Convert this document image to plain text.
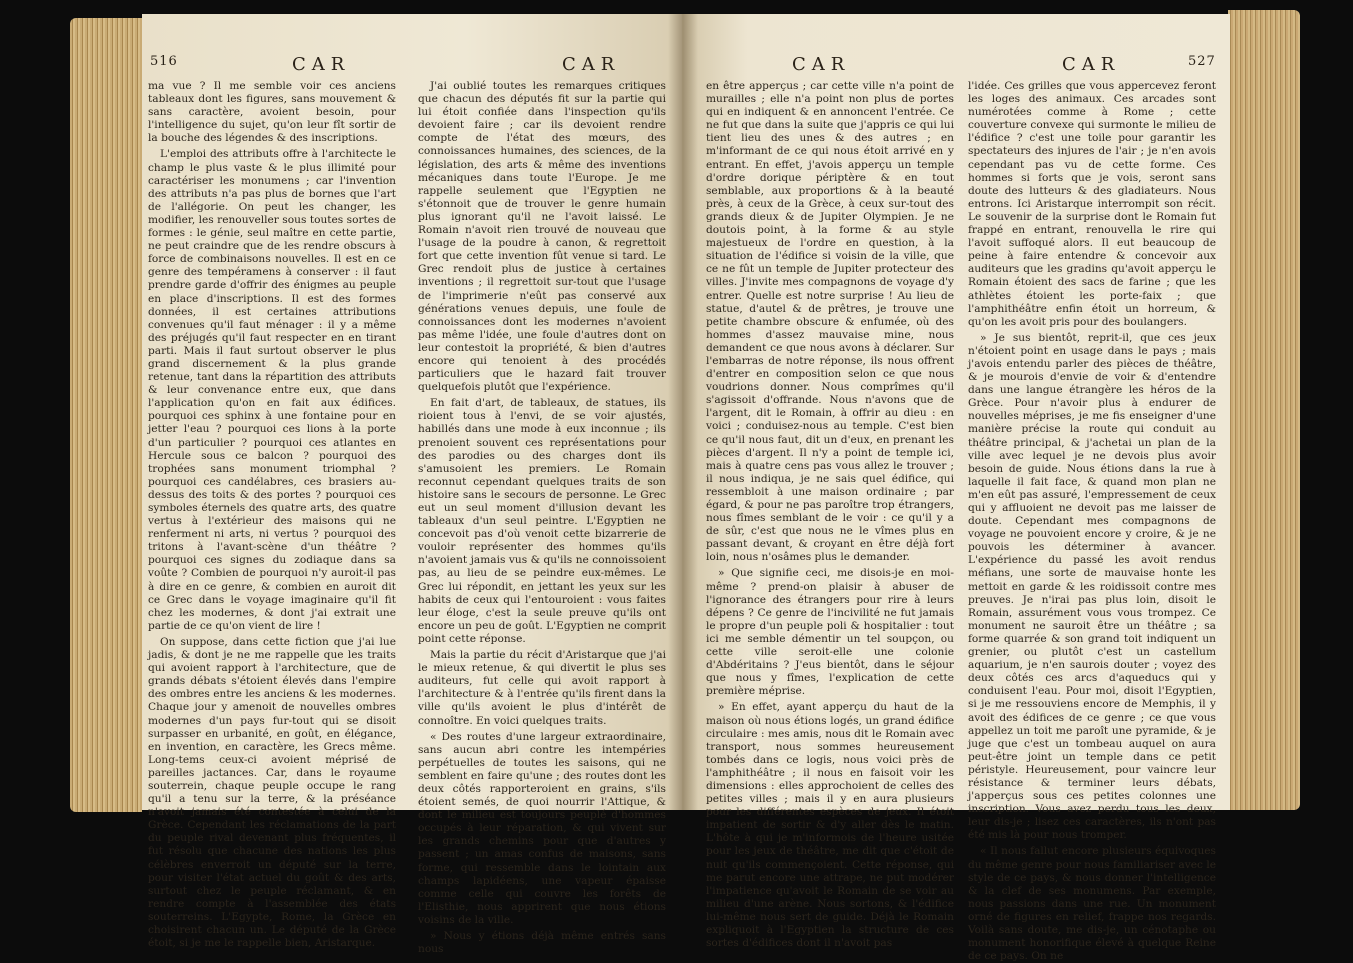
516	CAR	CAR

ma vue ? Il me semble voir ces anciens tableaux dont les figures, sans mouvement & sans caractère, avoient besoin, pour l'intelligence du sujet, qu'on leur fît sortir de la bouche des légendes & des inscriptions.

L'emploi des attributs offre à l'architecte le champ le plus vaste & le plus illimité pour caractériser les monumens ; car l'invention des attributs n'a pas plus de bornes que l'art de l'allégorie. On peut les changer, les modifier, les renouveller sous toutes sortes de formes : le génie, seul maître en cette partie, ne peut craindre que de les rendre obscurs à force de combinaisons nouvelles. Il est en ce genre des tempéramens à conserver : il faut prendre garde d'offrir des énigmes au peuple en place d'inscriptions. Il est des formes données, il est certaines attributions convenues qu'il faut ménager : il y a même des préjugés qu'il faut respecter en en tirant parti. Mais il faut surtout observer le plus grand discernement & la plus grande retenue, tant dans la répartition des attributs & leur convenance entre eux, que dans l'application qu'on en fait aux édifices. pourquoi ces sphinx à une fontaine pour en jetter l'eau ? pourquoi ces lions à la porte d'un particulier ? pourquoi ces atlantes en Hercule sous ce balcon ? pourquoi des trophées sans monument triomphal ? pourquoi ces candélabres, ces brasiers au-dessus des toits & des portes ? pourquoi ces symboles éternels des quatre arts, des quatre vertus à l'extérieur des maisons qui ne renferment ni arts, ni vertus ? pourquoi des tritons à l'avant-scène d'un théâtre ? pourquoi ces signes du zodiaque dans sa voûte ? Combien de pourquoi n'y auroit-il pas à dire en ce genre, & combien en auroit dit ce Grec dans le voyage imaginaire qu'il fit chez les modernes, & dont j'ai extrait une partie de ce qu'on vient de lire !

On suppose, dans cette fiction que j'ai lue jadis, & dont je ne me rappelle que les traits qui avoient rapport à l'architecture, que de grands débats s'étoient élevés dans l'empire des ombres entre les anciens & les modernes. Chaque jour y amenoit de nouvelles ombres modernes d'un pays fur-tout qui se disoit surpasser en urbanité, en goût, en élégance, en invention, en caractère, les Grecs même. Long-tems ceux-ci avoient méprisé de pareilles jactances. Car, dans le royaume souterrein, chaque peuple occupe le rang qu'il a tenu sur la terre, & la préséance n'avoit jamais été contestée à celui de la Grèce. Cependant les réclamations de la part du peuple rival devenant plus fréquentes, il fut résolu que chacune des nations les plus célèbres enverroit un député sur la terre, pour visiter l'état actuel du goût & des arts, surtout chez le peuple réclamant, & en rendre compte à l'assemblée des états souterreins. L'Egypte, Rome, la Grèce en choisirent chacun un. Le député de la Grèce étoit, si je me le rappelle bien, Aristarque.

J'ai oublié toutes les remarques critiques que chacun des députés fit sur la partie qui lui étoit confiée dans l'inspection qu'ils devoient faire ; car ils devoient rendre compte de l'état des mœurs, des connoissances humaines, des sciences, de la législation, des arts & même des inventions mécaniques dans toute l'Europe. Je me rappelle seulement que l'Egyptien ne s'étonnoit que de trouver le genre humain plus ignorant qu'il ne l'avoit laissé. Le Romain n'avoit rien trouvé de nouveau que l'usage de la poudre à canon, & regrettoit fort que cette invention fût venue si tard. Le Grec rendoit plus de justice à certaines inventions ; il regrettoit sur-tout que l'usage de l'imprimerie n'eût pas conservé aux générations venues depuis, une foule de connoissances dont les modernes n'avoient pas même l'idée, une foule d'autres dont on leur contestoit la propriété, & bien d'autres encore qui tenoient à des procédés particuliers que le hazard fait trouver quelquefois plutôt que l'expérience.

En fait d'art, de tableaux, de statues, ils rioient tous à l'envi, de se voir ajustés, habillés dans une mode à eux inconnue ; ils prenoient souvent ces représentations pour des parodies ou des charges dont ils s'amusoient les premiers. Le Romain reconnut cependant quelques traits de son histoire sans le secours de personne. Le Grec eut un seul moment d'illusion devant les tableaux d'un seul peintre. L'Egyptien ne concevoit pas d'où venoit cette bizarrerie de vouloir représenter des hommes qu'ils n'avoient jamais vus & qu'ils ne connoissoient pas, au lieu de se peindre eux-mêmes. Le Grec lui répondit, en jettant les yeux sur les habits de ceux qui l'entouroient : vous faites leur éloge, c'est la seule preuve qu'ils ont encore un peu de goût. L'Egyptien ne comprit point cette réponse.

Mais la partie du récit d'Aristarque que j'ai le mieux retenue, & qui divertit le plus ses auditeurs, fut celle qui avoit rapport à l'architecture & à l'entrée qu'ils firent dans la ville qu'ils avoient le plus d'intérêt de connoître. En voici quelques traits.

« Des routes d'une largeur extraordinaire, sans aucun abri contre les intempéries perpétuelles de toutes les saisons, qui ne semblent en faire qu'une ; des routes dont les deux côtés rapporteroient en grains, s'ils étoient semés, de quoi nourrir l'Attique, & dont le milieu est toujours peuplé d'hommes occupés à leur réparation, & qui vivent sur les grands chemins pour que d'autres y passent ; un amas confus de maisons, sans forme, qui ressemble dans le lointain aux champs lapidéens, une vapeur épaisse comme celle qui couvre les forêts de l'Elisthie, nous apprirent que nous étions voisins de la ville.

» Nous y étions déjà même entrés sans nous

CAR	CAR	527

en être apperçus ; car cette ville n'a point de murailles ; elle n'a point non plus de portes qui en indiquent & en annoncent l'entrée. Ce ne fut que dans la suite que j'appris ce qui lui tient lieu des unes & des autres ; en m'informant de ce qui nous étoit arrivé en y entrant. En effet, j'avois apperçu un temple d'ordre dorique périptère & en tout semblable, aux proportions & à la beauté près, à ceux de la Grèce, à ceux sur-tout des grands dieux & de Jupiter Olympien. Je ne doutois point, à la forme & au style majestueux de l'ordre en question, à la situation de l'édifice si voisin de la ville, que ce ne fût un temple de Jupiter protecteur des villes. J'invite mes compagnons de voyage d'y entrer. Quelle est notre surprise ! Au lieu de statue, d'autel & de prêtres, je trouve une petite chambre obscure & enfumée, où des hommes d'assez mauvaise mine, nous demandent ce que nous avons à déclarer. Sur l'embarras de notre réponse, ils nous offrent d'entrer en composition selon ce que nous voudrions donner. Nous comprîmes qu'il s'agissoit d'offrande. Nous n'avons que de l'argent, dit le Romain, à offrir au dieu : en voici ; conduisez-nous au temple. C'est bien ce qu'il nous faut, dit un d'eux, en prenant les pièces d'argent. Il n'y a point de temple ici, mais à quatre cens pas vous allez le trouver ; il nous indiqua, je ne sais quel édifice, qui ressembloit à une maison ordinaire ; par égard, & pour ne pas paroître trop étrangers, nous fîmes semblant de le voir : ce qu'il y a de sûr, c'est que nous ne le vîmes plus en passant devant, & croyant en être déjà fort loin, nous n'osâmes plus le demander.

» Que signifie ceci, me disois-je en moi-même ? prend-on plaisir à abuser de l'ignorance des étrangers pour rire à leurs dépens ? Ce genre de l'incivilité ne fut jamais le propre d'un peuple poli & hospitalier : tout ici me semble démentir un tel soupçon, ou cette ville seroit-elle une colonie d'Abdéritains ? J'eus bientôt, dans le séjour que nous y fîmes, l'explication de cette première méprise.

» En effet, ayant apperçu du haut de la maison où nous étions logés, un grand édifice circulaire : mes amis, nous dit le Romain avec transport, nous sommes heureusement tombés dans ce logis, nous voici près de l'amphithéâtre ; il nous en faisoit voir les dimensions : elles approchoient de celles des petites villes ; mais il y en aura plusieurs pour les différentes espèces de jeux. Il étoit impatient de sortir & d'y aller dès le matin. L'hôte à qui je m'informois de l'heure usitée pour les jeux de théâtre, me dit que c'étoit de nuit qu'ils commençoient. Cette réponse, qui me parut encore une attrape, ne put modérer l'impatience qu'avoit le Romain de se voir au milieu d'une arène. Nous sortons, & l'édifice lui-même nous sert de guide. Déjà le Romain expliquoit à l'Egyptien la structure de ces sortes d'édifices dont il n'avoit pas

l'idée. Ces grilles que vous appercevez feront les loges des animaux. Ces arcades sont numérotées comme à Rome ; cette couverture convexe qui surmonte le milieu de l'édifice ? c'est une toile pour garantir les spectateurs des injures de l'air ; je n'en avois cependant pas vu de cette forme. Ces hommes si forts que je vois, seront sans doute des lutteurs & des gladiateurs. Nous entrons. Ici Aristarque interrompit son récit. Le souvenir de la surprise dont le Romain fut frappé en entrant, renouvella le rire qui l'avoit suffoqué alors. Il eut beaucoup de peine à faire entendre & concevoir aux auditeurs que les gradins qu'avoit apperçu le Romain étoient des sacs de farine ; que les athlètes étoient les porte-faix ; que l'amphithéâtre enfin étoit un horreum, & qu'on les avoit pris pour des boulangers.

» Je sus bientôt, reprit-il, que ces jeux n'étoient point en usage dans le pays ; mais j'avois entendu parler des pièces de théâtre, & je mourois d'envie de voir & d'entendre dans une langue étrangère les héros de la Grèce. Pour n'avoir plus à endurer de nouvelles méprises, je me fis enseigner d'une manière précise la route qui conduit au théâtre principal, & j'achetai un plan de la ville avec lequel je ne devois plus avoir besoin de guide. Nous étions dans la rue à laquelle il fait face, & quand mon plan ne m'en eût pas assuré, l'empressement de ceux qui y affluoient ne devoit pas me laisser de doute. Cependant mes compagnons de voyage ne pouvoient encore y croire, & je ne pouvois les déterminer à avancer. L'expérience du passé les avoit rendus méfians, une sorte de mauvaise honte les mettoit en garde & les roidissoit contre mes preuves. Je n'irai pas plus loin, disoit le Romain, assurément vous vous trompez. Ce monument ne sauroit être un théâtre ; sa forme quarrée & son grand toit indiquent un grenier, ou plutôt c'est un castellum aquarium, je n'en saurois douter ; voyez des deux côtés ces arcs d'aqueducs qui y conduisent l'eau. Pour moi, disoit l'Egyptien, si je me ressouviens encore de Memphis, il y avoit des édifices de ce genre ; ce que vous appellez un toit me paroît une pyramide, & je juge que c'est un tombeau auquel on aura peut-être joint un temple dans ce petit péristyle. Heureusement, pour vaincre leur résistance & terminer leurs débats, j'apperçus sous ces petites colonnes une inscription. Vous avez perdu tous les deux, leur dis-je ; lisez ces caractères, ils n'ont pas été mis là pour nous tromper.

« Il nous fallut encore plusieurs équivoques du même genre pour nous familiariser avec le style de ce pays, & nous donner l'intelligence & la clef de ses monumens. Par exemple, nous passions dans une rue. Un monument orné de figures en relief, frappe nos regards. Voilà sans doute, me dis-je, un cénotaphe ou monument honorifique élevé à quelque Reine de ce pays. On ne
